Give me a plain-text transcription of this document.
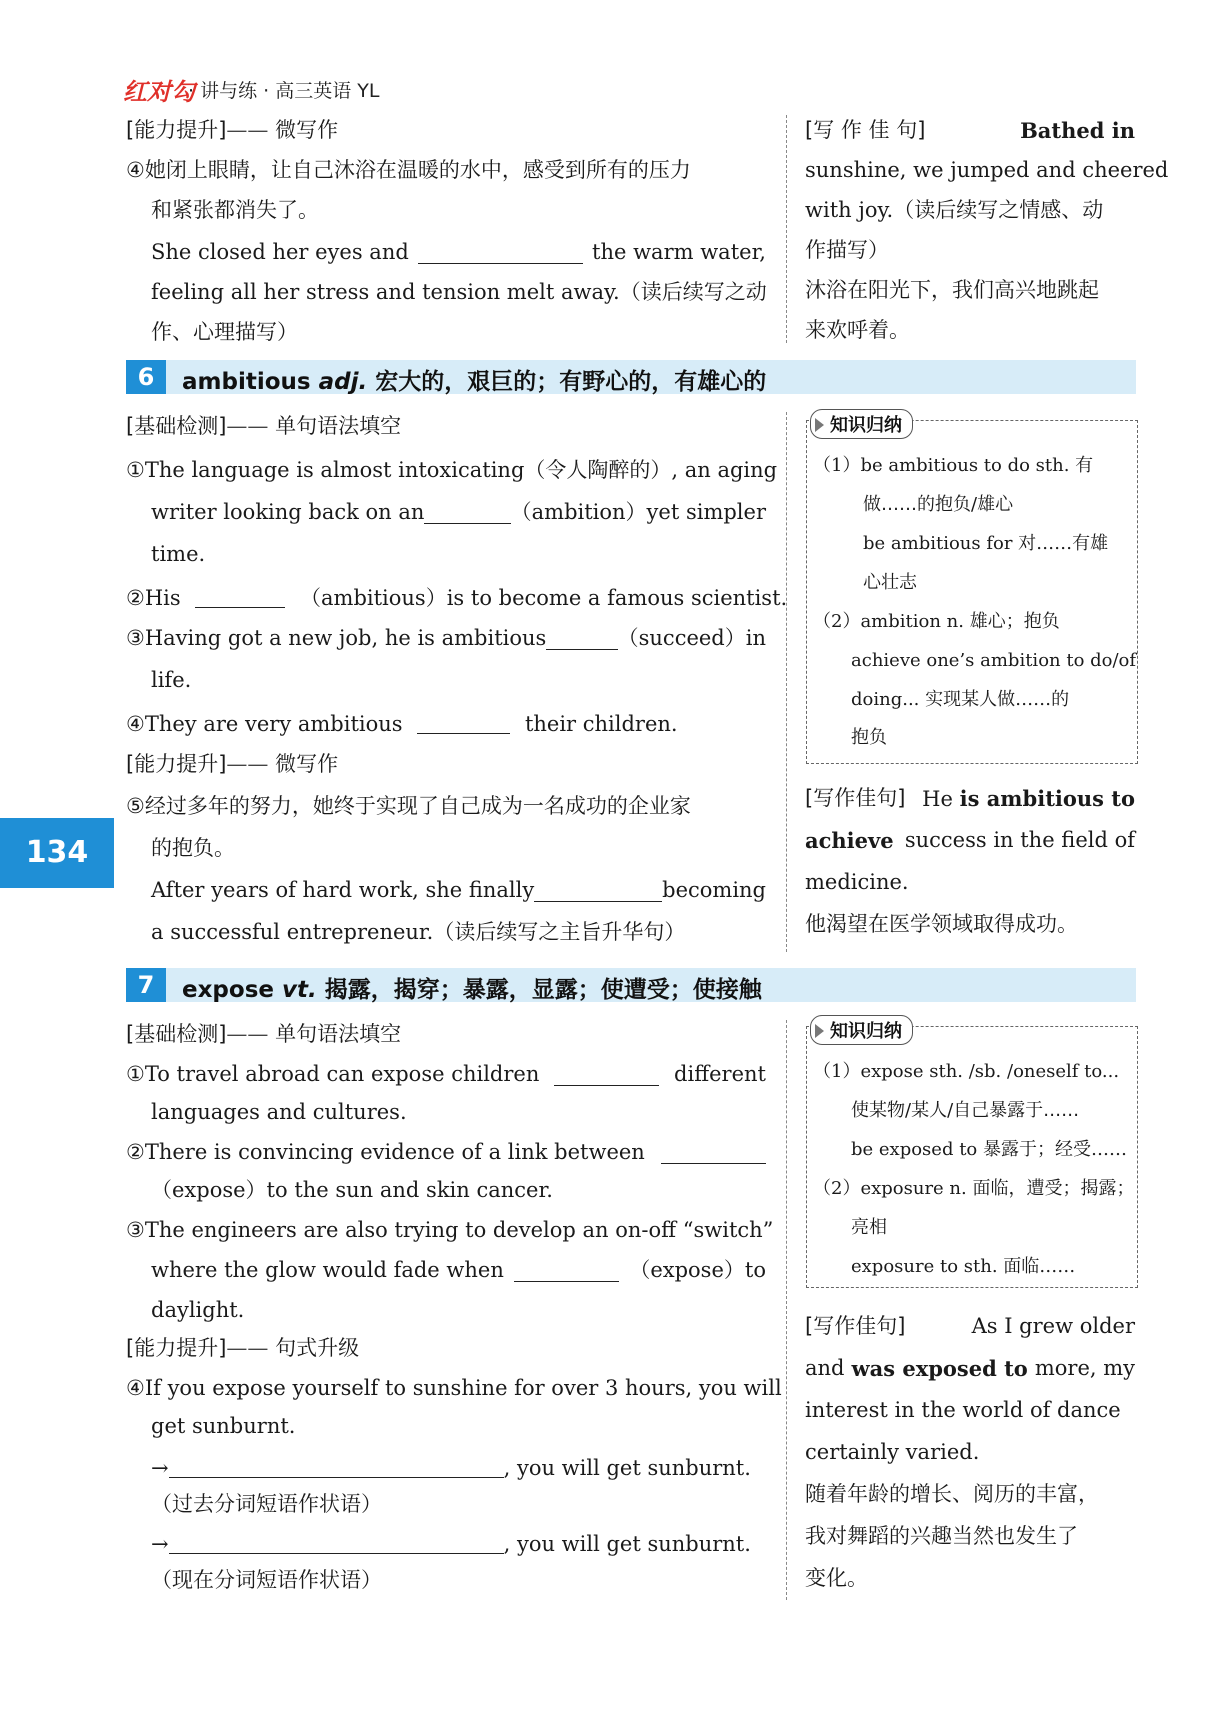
红对勾
· 讲与练 · 高三英语 YL
134
[能力提升]—— 微写作
④她闭上眼睛，让自己沐浴在温暖的水中，感受到所有的压力
和紧张都消失了。
She closed her eyes and	the warm water,
feeling all her stress and tension melt away.（读后续写之动
作、心理描写）
[写 作 佳 句]	Bathed in
sunshine, we jumped and cheered
with joy.（读后续写之情感、动
作描写）
沐浴在阳光下，我们高兴地跳起
来欢呼着。
6	ambitious adj. 宏大的，艰巨的；有野心的，有雄心的
[基础检测]—— 单句语法填空
①The language is almost intoxicating（令人陶醉的）, an aging
writer looking back on an	（ambition）yet simpler
time.
②His	（ambitious）is to become a famous scientist.
③Having got a new job, he is ambitious	（succeed）in
life.
④They are very ambitious	their children.
[能力提升]—— 微写作
⑤经过多年的努力，她终于实现了自己成为一名成功的企业家
的抱负。
After years of hard work, she finally	becoming
a successful entrepreneur.（读后续写之主旨升华句）
知识归纳
（1）be ambitious to do sth. 有
做……的抱负/雄心
be ambitious for 对……有雄
心壮志
（2）ambition n. 雄心；抱负
achieve one’s ambition to do/of
doing... 实现某人做……的
抱负
[写作佳句] He is ambitious to
achieve success in the field of
medicine.
他渴望在医学领域取得成功。
7	expose vt. 揭露，揭穿；暴露，显露；使遭受；使接触
[基础检测]—— 单句语法填空
①To travel abroad can expose children	different
languages and cultures.
②There is convincing evidence of a link between
（expose）to the sun and skin cancer.
③The engineers are also trying to develop an on-off “switch”
where the glow would fade when	（expose）to
daylight.
[能力提升]—— 句式升级
④If you expose yourself to sunshine for over 3 hours, you will
get sunburnt.
→	, you will get sunburnt.
（过去分词短语作状语）
→	, you will get sunburnt.
（现在分词短语作状语）
知识归纳
（1）expose sth. /sb. /oneself to...
使某物/某人/自己暴露于……
be exposed to 暴露于；经受……
（2）exposure n. 面临，遭受；揭露；
亮相
exposure to sth. 面临……
[写作佳句]	As I grew older
and was exposed to more, my
interest in the world of dance
certainly varied.
随着年龄的增长、阅历的丰富，
我对舞蹈的兴趣当然也发生了
变化。
